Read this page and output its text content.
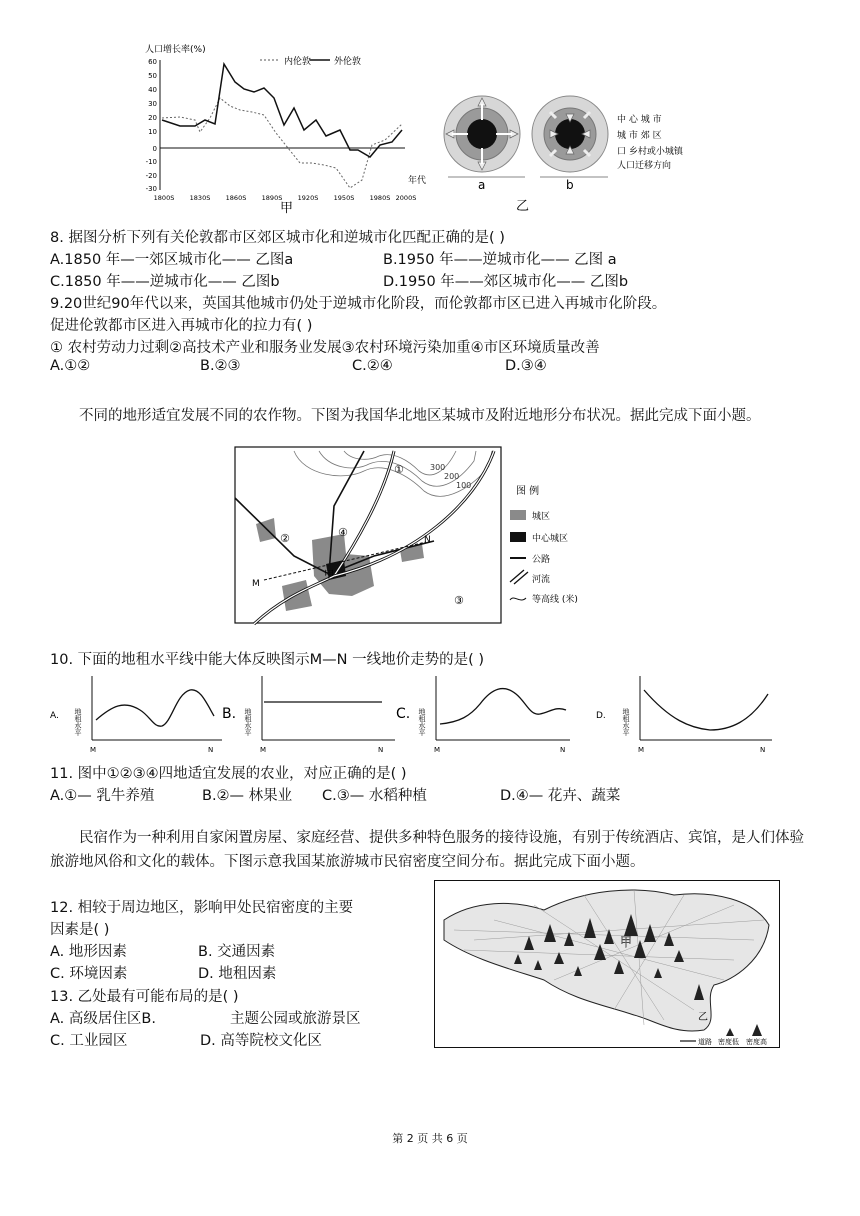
人口增长率(%)
内伦敦	外伦敦
60
50
40
30
20
10
0
-10
-20
-30
1800S 1830S 1860S 1890S 1920S 1950S 1980S 2000S
年代
甲
a	b
中 心 城 市
城 市 郊 区
口 乡村或小城镇
人口迁移方向
乙
8. 据图分析下列有关伦敦都市区郊区城市化和逆城市化匹配正确的是( )
A.1850 年—一郊区城市化—— 乙图a	B.1950 年——逆城市化—— 乙图 a
C.1850 年——逆城市化—— 乙图b	D.1950 年——郊区城市化—— 乙图b
9.20世纪90年代以来，英国其他城市仍处于逆城市化阶段，而伦敦都市区已进入再城市化阶段。
促进伦敦都市区进入再城市化的拉力有( )
① 农村劳动力过剩②高技术产业和服务业发展③农村环境污染加重④市区环境质量改善
A.①②	B.②③	C.②④	D.③④
不同的地形适宜发展不同的农作物。下图为我国华北地区某城市及附近地形分布状况。据此完成下面小题。
300
200
100
①
②
③
④
甲
M
N
图 例
城区
中心城区
公路
河流
等高线 (米)
10. 下面的地租水平线中能大体反映图示M—N 一线地价走势的是( )
A. 地租水平
M	N
B. 地租水平
M	N
C. 地租水平
M	N
D. 地租水平
M	N
11. 图中①②③④四地适宜发展的农业，对应正确的是( )
A.①— 乳牛养殖	B.②— 林果业 C.③— 水稻种植	D.④— 花卉、蔬菜
民宿作为一种利用自家闲置房屋、家庭经营、提供多种特色服务的接待设施，有别于传统酒店、宾馆，是人们体验旅游地风俗和文化的载体。下图示意我国某旅游城市民宿密度空间分布。据此完成下面小题。
12. 相较于周边地区，影响甲处民宿密度的主要
因素是( )
A. 地形因素	B. 交通因素
C. 环境因素	D. 地租因素
13. 乙处最有可能布局的是( )
A. 高级居住区B.	主题公园或旅游景区
C. 工业园区	D. 高等院校文化区
甲
乙
道路 密度低 密度高
第 2 页 共 6 页
